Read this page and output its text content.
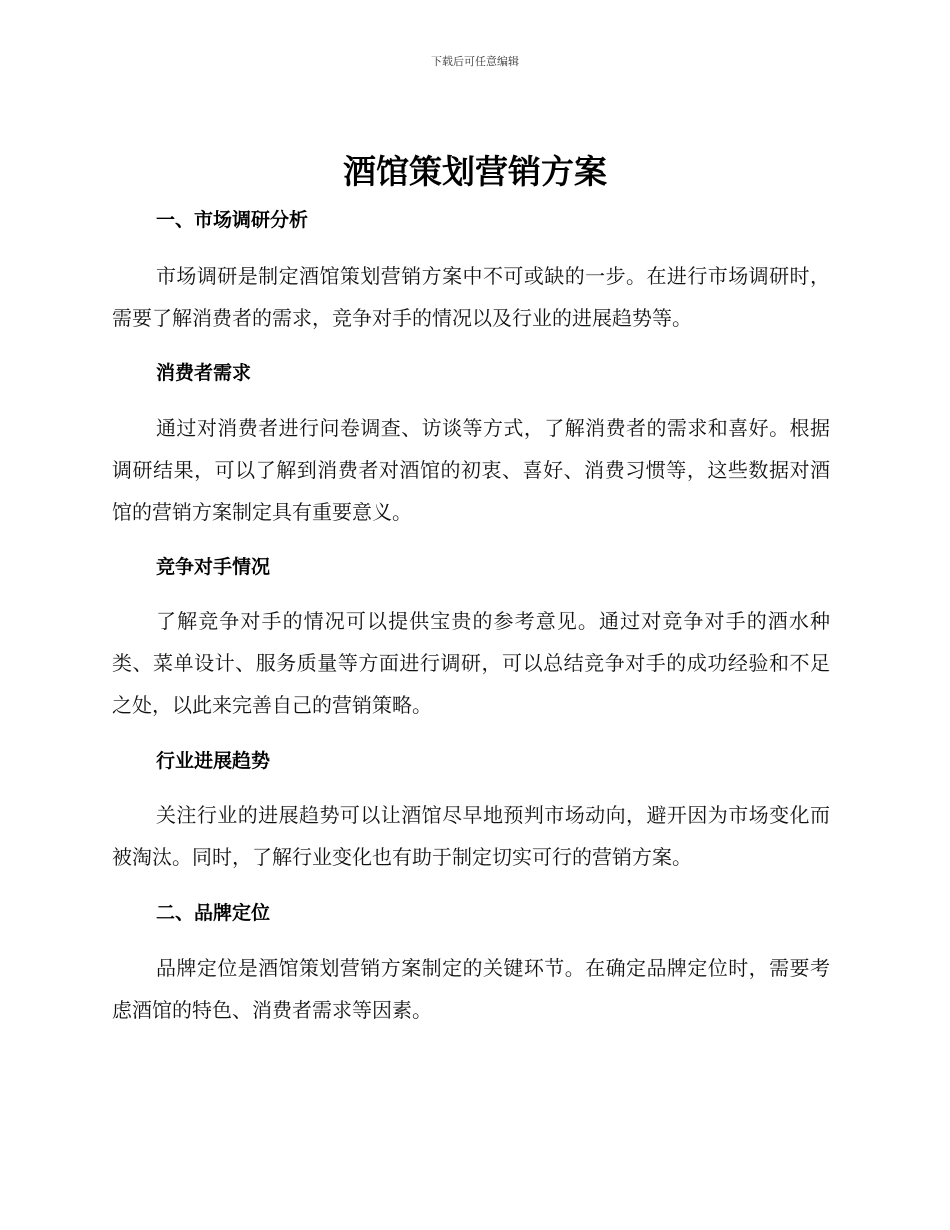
下载后可任意编辑
酒馆策划营销方案
一、市场调研分析

市场调研是制定酒馆策划营销方案中不可或缺的一步。在进行市场调研时，需要了解消费者的需求，竞争对手的情况以及行业的进展趋势等。

消费者需求

通过对消费者进行问卷调查、访谈等方式，了解消费者的需求和喜好。根据调研结果，可以了解到消费者对酒馆的初衷、喜好、消费习惯等，这些数据对酒馆的营销方案制定具有重要意义。

竞争对手情况

了解竞争对手的情况可以提供宝贵的参考意见。通过对竞争对手的酒水种类、菜单设计、服务质量等方面进行调研，可以总结竞争对手的成功经验和不足之处，以此来完善自己的营销策略。

行业进展趋势

关注行业的进展趋势可以让酒馆尽早地预判市场动向，避开因为市场变化而被淘汰。同时，了解行业变化也有助于制定切实可行的营销方案。

二、品牌定位

品牌定位是酒馆策划营销方案制定的关键环节。在确定品牌定位时，需要考虑酒馆的特色、消费者需求等因素。
